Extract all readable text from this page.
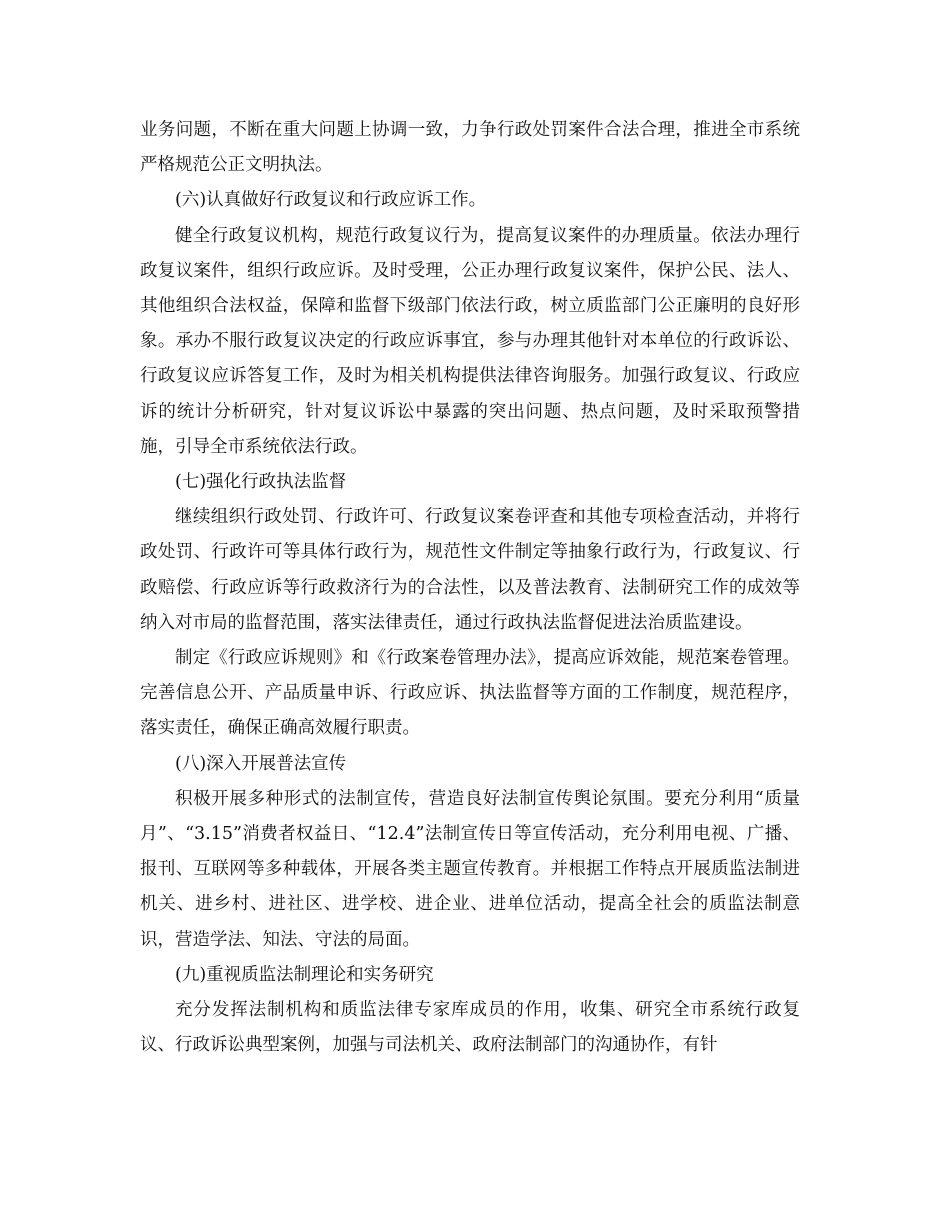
业务问题，不断在重大问题上协调一致，力争行政处罚案件合法合理，推进全市系统严格规范公正文明执法。

(六)认真做好行政复议和行政应诉工作。

健全行政复议机构，规范行政复议行为，提高复议案件的办理质量。依法办理行政复议案件，组织行政应诉。及时受理，公正办理行政复议案件，保护公民、法人、其他组织合法权益，保障和监督下级部门依法行政，树立质监部门公正廉明的良好形象。承办不服行政复议决定的行政应诉事宜，参与办理其他针对本单位的行政诉讼、行政复议应诉答复工作，及时为相关机构提供法律咨询服务。加强行政复议、行政应诉的统计分析研究，针对复议诉讼中暴露的突出问题、热点问题，及时采取预警措施，引导全市系统依法行政。

(七)强化行政执法监督

继续组织行政处罚、行政许可、行政复议案卷评查和其他专项检查活动，并将行政处罚、行政许可等具体行政行为，规范性文件制定等抽象行政行为，行政复议、行政赔偿、行政应诉等行政救济行为的合法性，以及普法教育、法制研究工作的成效等纳入对市局的监督范围，落实法律责任，通过行政执法监督促进法治质监建设。

制定《行政应诉规则》和《行政案卷管理办法》，提高应诉效能，规范案卷管理。完善信息公开、产品质量申诉、行政应诉、执法监督等方面的工作制度，规范程序，落实责任，确保正确高效履行职责。

(八)深入开展普法宣传

积极开展多种形式的法制宣传，营造良好法制宣传舆论氛围。要充分利用“质量月”、“3.15”消费者权益日、“12.4”法制宣传日等宣传活动，充分利用电视、广播、报刊、互联网等多种载体，开展各类主题宣传教育。并根据工作特点开展质监法制进机关、进乡村、进社区、进学校、进企业、进单位活动，提高全社会的质监法制意识，营造学法、知法、守法的局面。

(九)重视质监法制理论和实务研究

充分发挥法制机构和质监法律专家库成员的作用，收集、研究全市系统行政复议、行政诉讼典型案例，加强与司法机关、政府法制部门的沟通协作，有针
